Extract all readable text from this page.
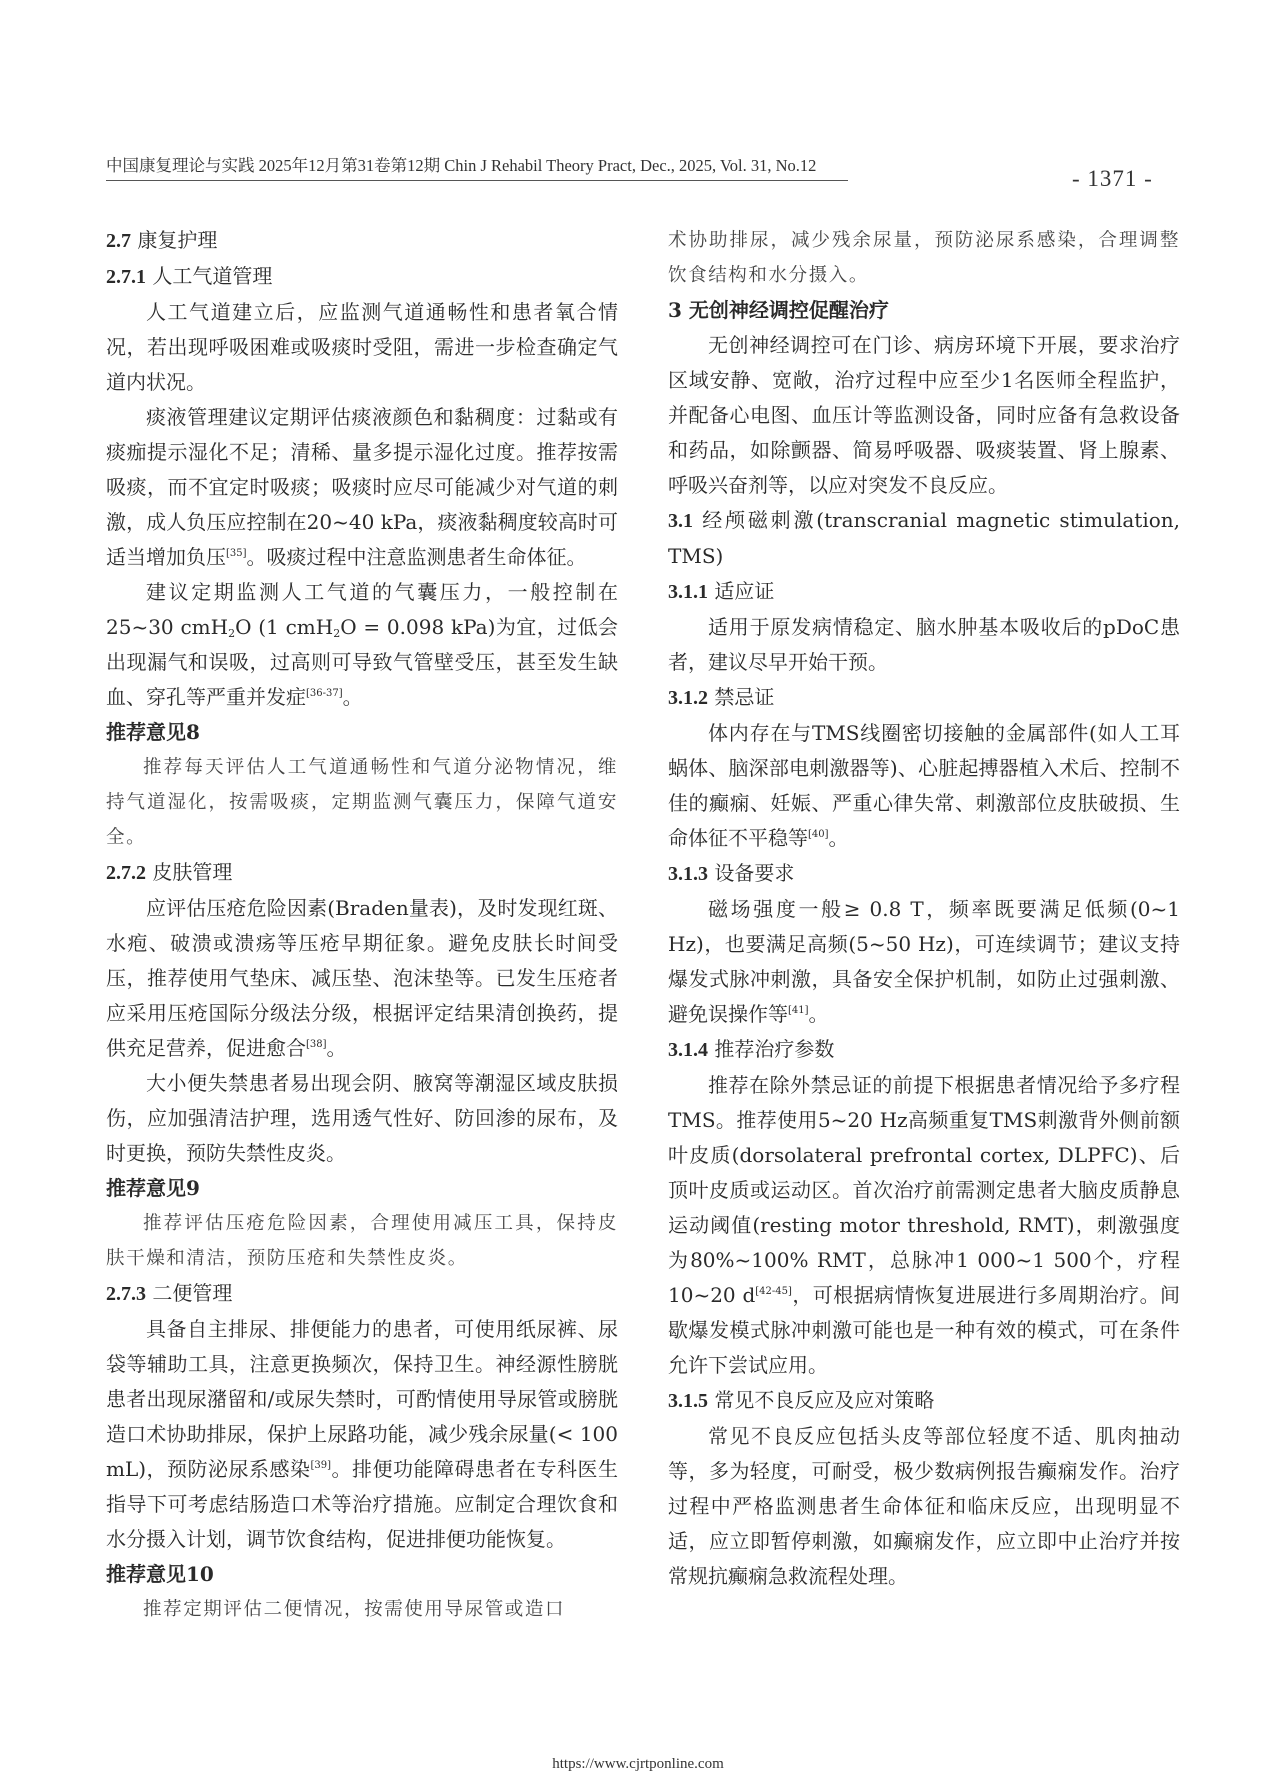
中国康复理论与实践 2025年12月第31卷第12期 Chin J Rehabil Theory Pract, Dec., 2025, Vol. 31, No.12
- 1371 -
2.7 康复护理
2.7.1 人工气道管理

人工气道建立后，应监测气道通畅性和患者氧合情况，若出现呼吸困难或吸痰时受阻，需进一步检查确定气道内状况。

痰液管理建议定期评估痰液颜色和黏稠度：过黏或有痰痂提示湿化不足；清稀、量多提示湿化过度。推荐按需吸痰，而不宜定时吸痰；吸痰时应尽可能减少对气道的刺激，成人负压应控制在20~40 kPa，痰液黏稠度较高时可适当增加负压[35]。吸痰过程中注意监测患者生命体征。

建议定期监测人工气道的气囊压力，一般控制在25~30 cmH$_2$O (1 cmH$_2$O = 0.098 kPa)为宜，过低会出现漏气和误吸，过高则可导致气管壁受压，甚至发生缺血、穿孔等严重并发症[36-37]。

推荐意见8

推荐每天评估人工气道通畅性和气道分泌物情况，维持气道湿化，按需吸痰，定期监测气囊压力，保障气道安全。

2.7.2 皮肤管理

应评估压疮危险因素(Braden量表)，及时发现红斑、水疱、破溃或溃疡等压疮早期征象。避免皮肤长时间受压，推荐使用气垫床、减压垫、泡沫垫等。已发生压疮者应采用压疮国际分级法分级，根据评定结果清创换药，提供充足营养，促进愈合[38]。

大小便失禁患者易出现会阴、腋窝等潮湿区域皮肤损伤，应加强清洁护理，选用透气性好、防回渗的尿布，及时更换，预防失禁性皮炎。

推荐意见9

推荐评估压疮危险因素，合理使用减压工具，保持皮肤干燥和清洁，预防压疮和失禁性皮炎。

2.7.3 二便管理

具备自主排尿、排便能力的患者，可使用纸尿裤、尿袋等辅助工具，注意更换频次，保持卫生。神经源性膀胱患者出现尿潴留和/或尿失禁时，可酌情使用导尿管或膀胱造口术协助排尿，保护上尿路功能，减少残余尿量(< 100 mL)，预防泌尿系感染[39]。排便功能障碍患者在专科医生指导下可考虑结肠造口术等治疗措施。应制定合理饮食和水分摄入计划，调节饮食结构，促进排便功能恢复。

推荐意见10

推荐定期评估二便情况，按需使用导尿管或造口

术协助排尿，减少残余尿量，预防泌尿系感染，合理调整饮食结构和水分摄入。

3 无创神经调控促醒治疗

无创神经调控可在门诊、病房环境下开展，要求治疗区域安静、宽敞，治疗过程中应至少1名医师全程监护，并配备心电图、血压计等监测设备，同时应备有急救设备和药品，如除颤器、简易呼吸器、吸痰装置、肾上腺素、呼吸兴奋剂等，以应对突发不良反应。

3.1 经颅磁刺激(transcranial magnetic stimulation, TMS)

3.1.1 适应证

适用于原发病情稳定、脑水肿基本吸收后的pDoC患者，建议尽早开始干预。

3.1.2 禁忌证

体内存在与TMS线圈密切接触的金属部件(如人工耳蜗体、脑深部电刺激器等)、心脏起搏器植入术后、控制不佳的癫痫、妊娠、严重心律失常、刺激部位皮肤破损、生命体征不平稳等[40]。

3.1.3 设备要求

磁场强度一般≥ 0.8 T，频率既要满足低频(0~1 Hz)，也要满足高频(5~50 Hz)，可连续调节；建议支持爆发式脉冲刺激，具备安全保护机制，如防止过强刺激、避免误操作等[41]。

3.1.4 推荐治疗参数

推荐在除外禁忌证的前提下根据患者情况给予多疗程TMS。推荐使用5~20 Hz高频重复TMS刺激背外侧前额叶皮质(dorsolateral prefrontal cortex, DLPFC)、后顶叶皮质或运动区。首次治疗前需测定患者大脑皮质静息运动阈值(resting motor threshold, RMT)，刺激强度为80%~100% RMT，总脉冲1 000~1 500个，疗程10~20 d[42-45]，可根据病情恢复进展进行多周期治疗。间歇爆发模式脉冲刺激可能也是一种有效的模式，可在条件允许下尝试应用。

3.1.5 常见不良反应及应对策略

常见不良反应包括头皮等部位轻度不适、肌肉抽动等，多为轻度，可耐受，极少数病例报告癫痫发作。治疗过程中严格监测患者生命体征和临床反应，出现明显不适，应立即暂停刺激，如癫痫发作，应立即中止治疗并按常规抗癫痫急救流程处理。

https://www.cjrtponline.com
